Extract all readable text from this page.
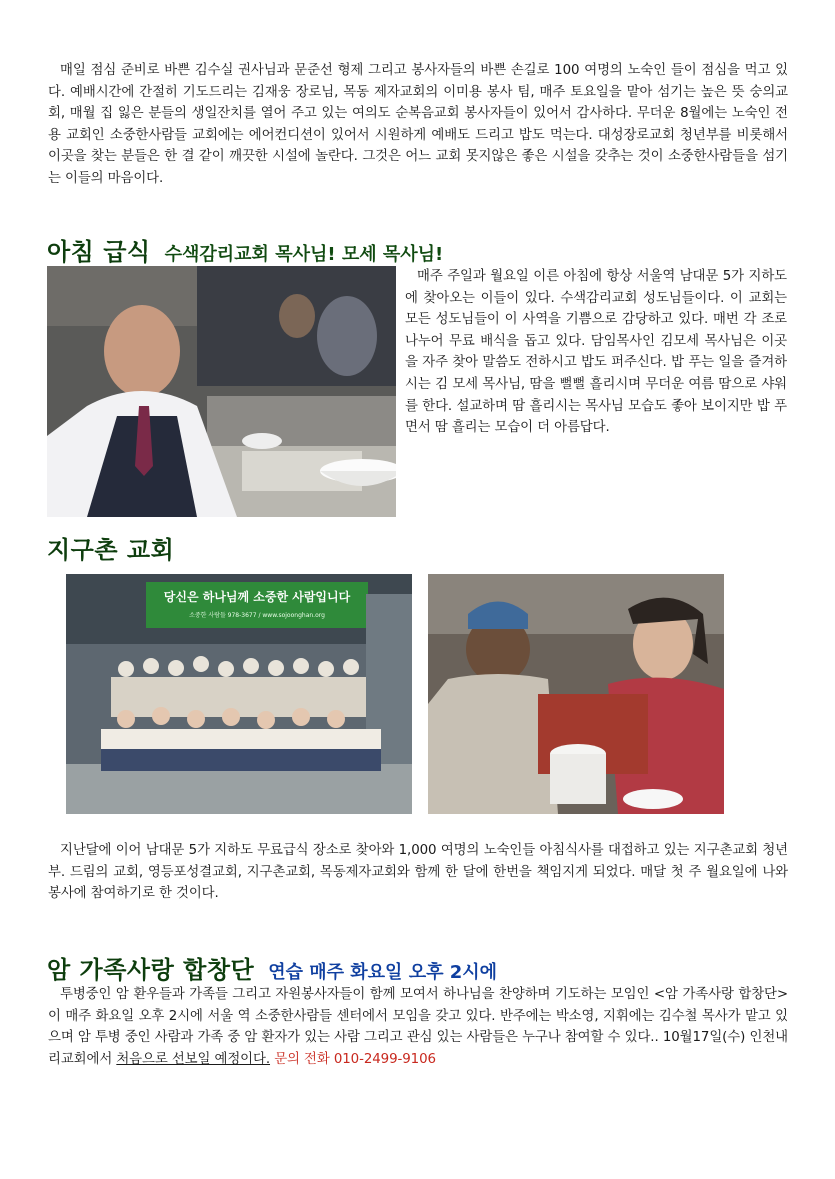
매일 점심 준비로 바쁜 김수실 권사님과 문준선 형제 그리고 봉사자들의 바쁜 손길로 100 여명의 노숙인 들이 점심을 먹고 있다. 예배시간에 간절히 기도드리는 김재웅 장로님, 목동 제자교회의 이미용 봉사 팀, 매주 토요일을 맡아 섬기는 높은 뜻 숭의교회, 매월 집 잃은 분들의 생일잔치를 열어 주고 있는 여의도 순복음교회 봉사자들이 있어서 감사하다. 무더운 8월에는 노숙인 전용 교회인 소중한사람들 교회에는 에어컨디션이 있어서 시원하게 예배도 드리고 밥도 먹는다. 대성장로교회 청년부를 비롯해서 이곳을 찾는 분들은 한 결 같이 깨끗한 시설에 놀란다. 그것은 어느 교회 못지않은 좋은 시설을 갖추는 것이 소중한사람들을 섬기는 이들의 마음이다.

아침 급식 수색감리교회 목사님! 모세 목사님!

매주 주일과 월요일 이른 아침에 항상 서울역 남대문 5가 지하도에 찾아오는 이들이 있다. 수색감리교회 성도님들이다. 이 교회는 모든 성도님들이 이 사역을 기쁨으로 감당하고 있다. 매번 각 조로 나누어 무료 배식을 돕고 있다. 담임목사인 김모세 목사님은 이곳 을 자주 찾아 말씀도 전하시고 밥도 퍼주신다. 밥 푸는 일을 즐겨하시는 김 모세 목사님, 땀을 뻘뻘 흘리시며 무더운 여름 땀으로 샤워를 한다. 설교하며 땀 흘리시는 목사님 모습도 좋아 보이지만 밥 푸면서 땀 흘리는 모습이 더 아름답다.

지구촌 교회
당신은 하나님께 소중한 사람입니다
소중한 사람들 978-3677 / www.sojoonghan.org

지난달에 이어 남대문 5가 지하도 무료급식 장소로 찾아와 1,000 여명의 노숙인들 아침식사를 대접하고 있는 지구촌교회 청년부. 드림의 교회, 영등포성결교회, 지구촌교회, 목동제자교회와 함께 한 달에 한번을 책임지게 되었다. 매달 첫 주 월요일에 나와 봉사에 참여하기로 한 것이다.

암 가족사랑 합창단 연습 매주 화요일 오후 2시에

투병중인 암 환우들과 가족들 그리고 자원봉사자들이 함께 모여서 하나님을 찬양하며 기도하는 모임인 <암 가족사랑 합창단>이 매주 화요일 오후 2시에 서울 역 소중한사람들 센터에서 모임을 갖고 있다. 반주에는 박소영, 지휘에는 김수철 목사가 맡고 있으며 암 투병 중인 사람과 가족 중 암 환자가 있는 사람 그리고 관심 있는 사람들은 누구나 참여할 수 있다.. 10월17일(수) 인천내리교회에서 처음으로 선보일 예정이다. 문의 전화 010-2499-9106
